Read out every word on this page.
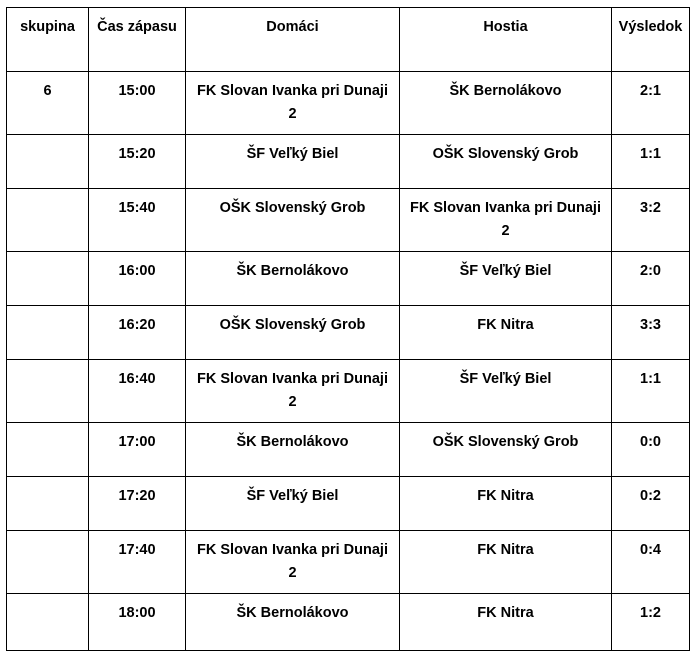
skupina	Čas zápasu	Domáci	Hostia	Výsledok
6	15:00	FK Slovan Ivanka pri Dunaji 2	ŠK Bernolákovo	2:1
	15:20	ŠF Veľký Biel	OŠK Slovenský Grob	1:1
	15:40	OŠK Slovenský Grob	FK Slovan Ivanka pri Dunaji 2	3:2
	16:00	ŠK Bernolákovo	ŠF Veľký Biel	2:0
	16:20	OŠK Slovenský Grob	FK Nitra	3:3
	16:40	FK Slovan Ivanka pri Dunaji 2	ŠF Veľký Biel	1:1
	17:00	ŠK Bernolákovo	OŠK Slovenský Grob	0:0
	17:20	ŠF Veľký Biel	FK Nitra	0:2
	17:40	FK Slovan Ivanka pri Dunaji 2	FK Nitra	0:4
	18:00	ŠK Bernolákovo	FK Nitra	1:2
